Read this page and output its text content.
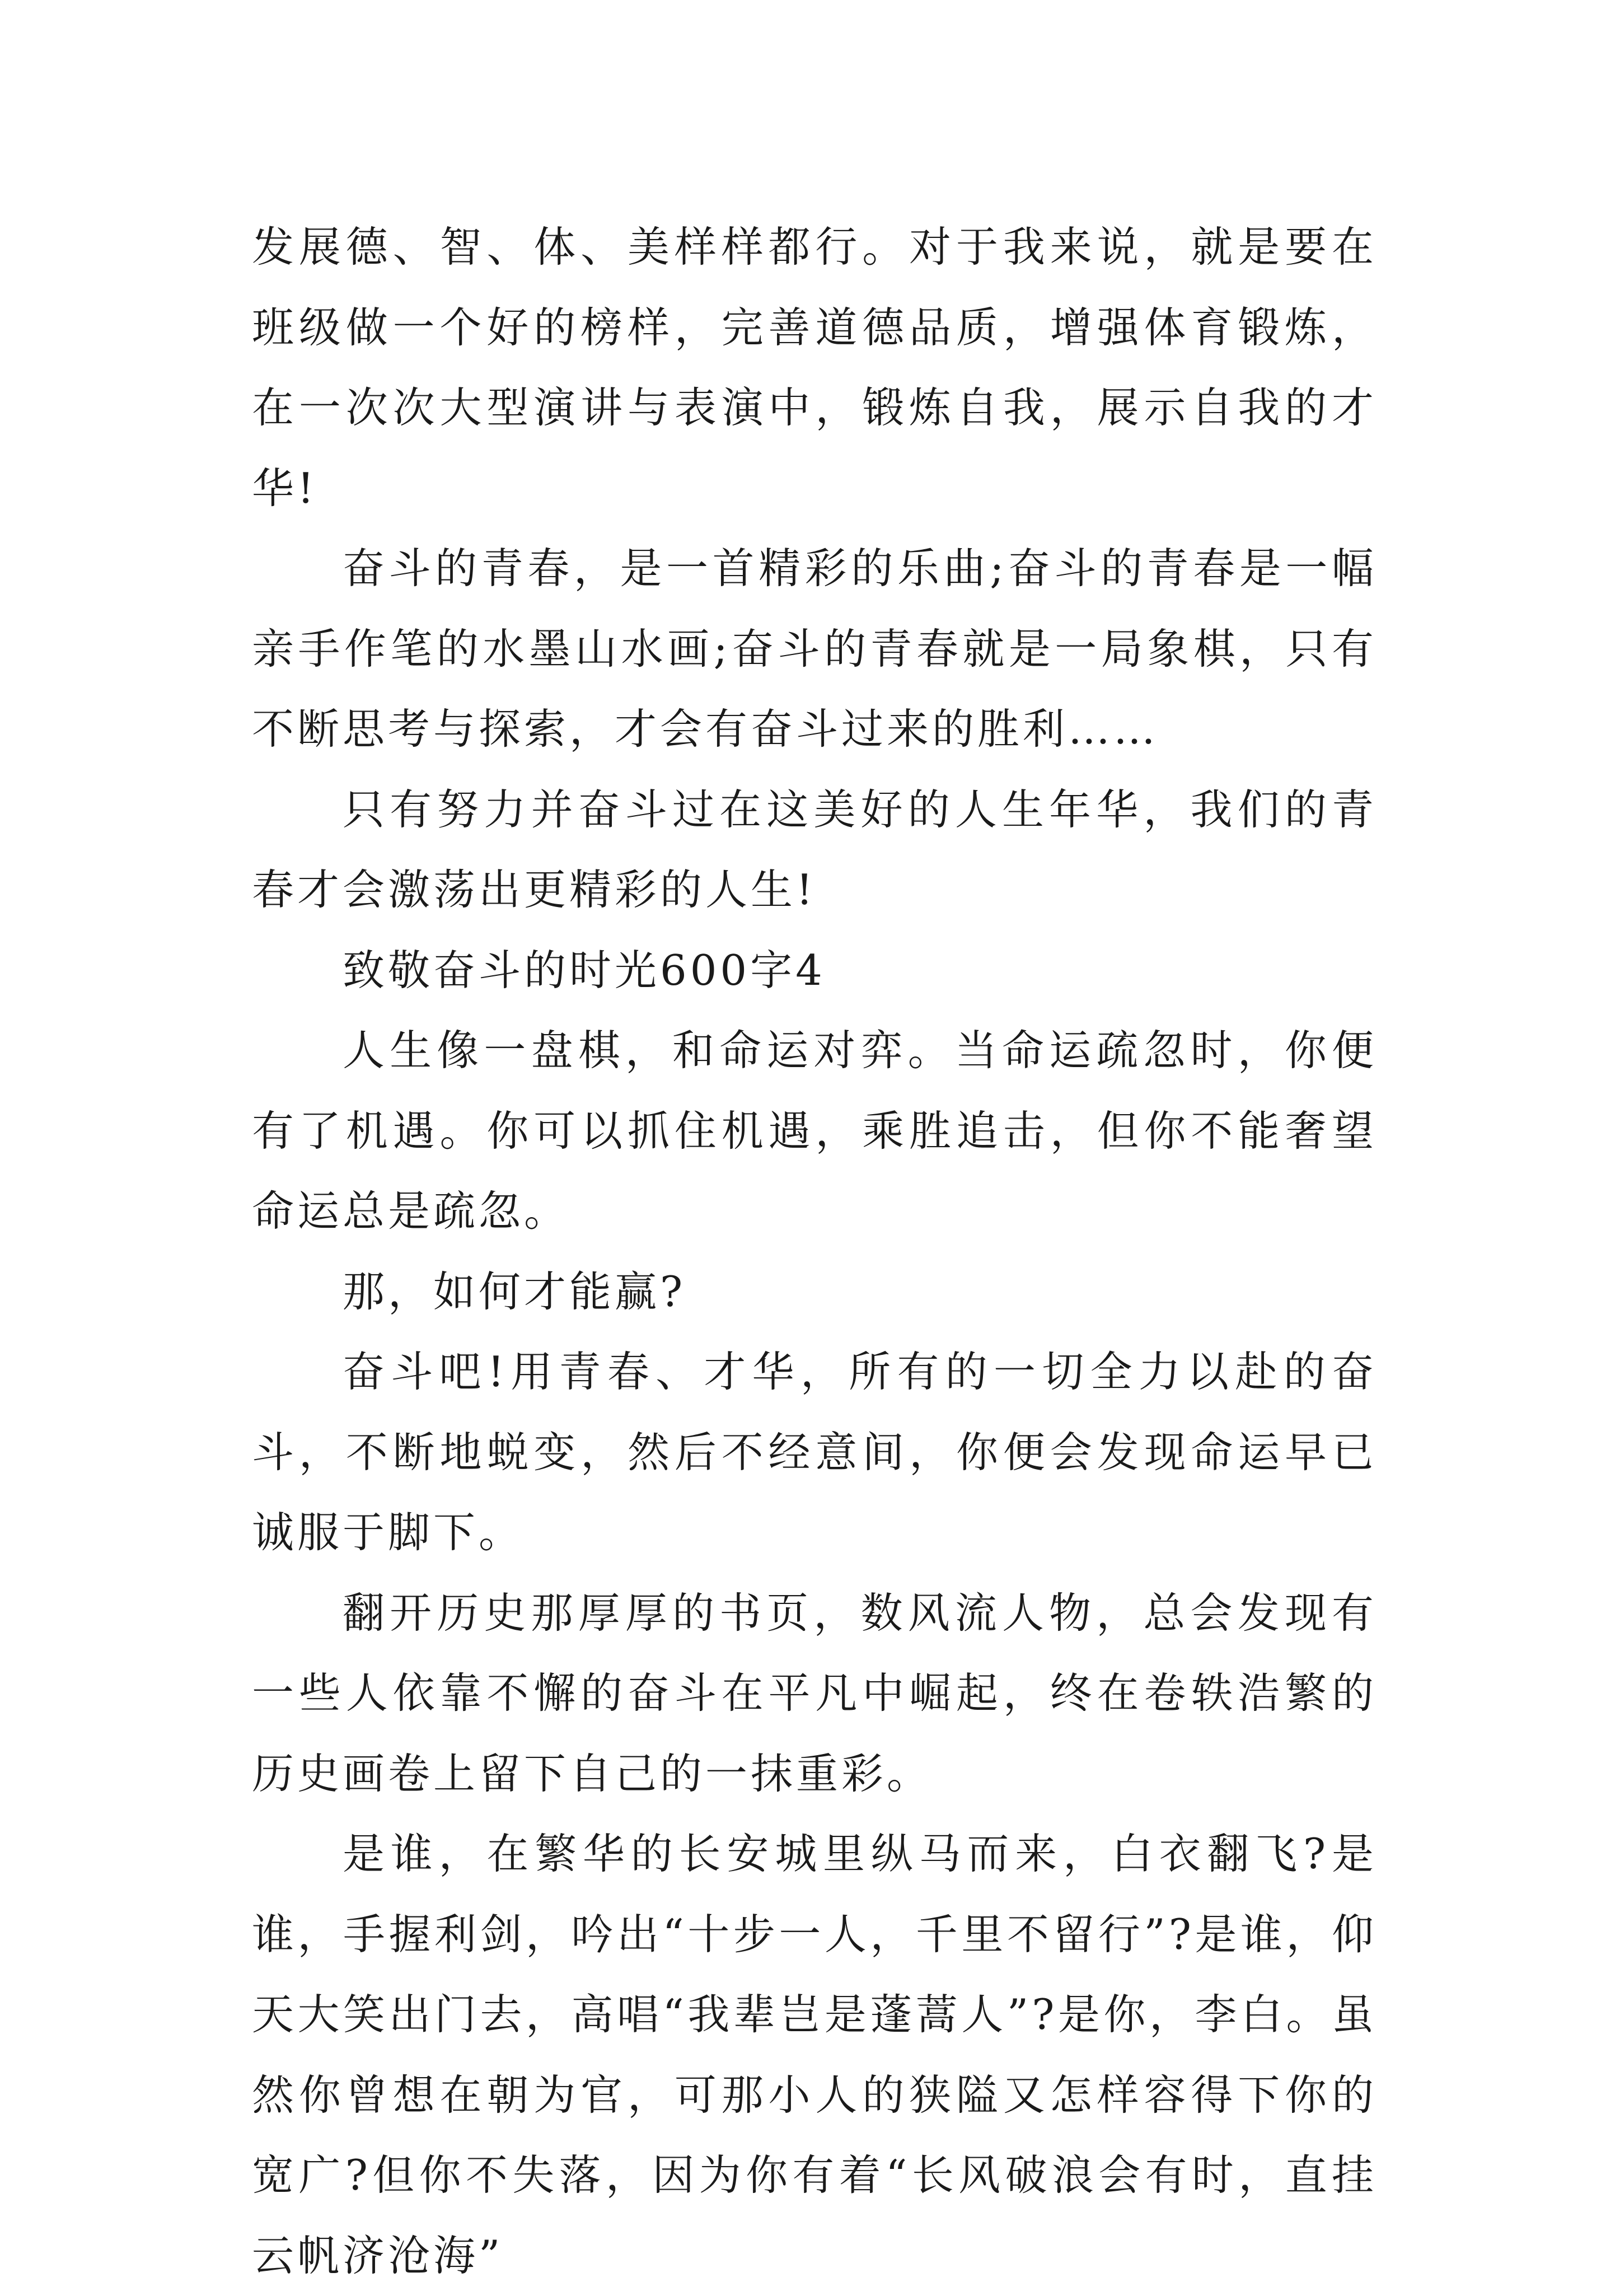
发展德、智、体、美样样都行。对于我来说，就是要在班级做一个好的榜样，完善道德品质，增强体育锻炼，在一次次大型演讲与表演中，锻炼自我，展示自我的才华!

奋斗的青春，是一首精彩的乐曲;奋斗的青春是一幅亲手作笔的水墨山水画;奋斗的青春就是一局象棋，只有不断思考与探索，才会有奋斗过来的胜利……

只有努力并奋斗过在这美好的人生年华，我们的青春才会激荡出更精彩的人生!

致敬奋斗的时光600字4

人生像一盘棋，和命运对弈。当命运疏忽时，你便有了机遇。你可以抓住机遇，乘胜追击，但你不能奢望命运总是疏忽。

那，如何才能赢?

奋斗吧!用青春、才华，所有的一切全力以赴的奋斗，不断地蜕变，然后不经意间，你便会发现命运早已诚服于脚下。

翻开历史那厚厚的书页，数风流人物，总会发现有一些人依靠不懈的奋斗在平凡中崛起，终在卷轶浩繁的历史画卷上留下自己的一抹重彩。

是谁，在繁华的长安城里纵马而来，白衣翻飞?是谁，手握利剑，吟出“十步一人，千里不留行”?是谁，仰天大笑出门去，高唱“我辈岂是蓬蒿人”?是你，李白。虽然你曾想在朝为官，可那小人的狭隘又怎样容得下你的宽广?但你不失落，因为你有着“长风破浪会有时，直挂云帆济沧海”
